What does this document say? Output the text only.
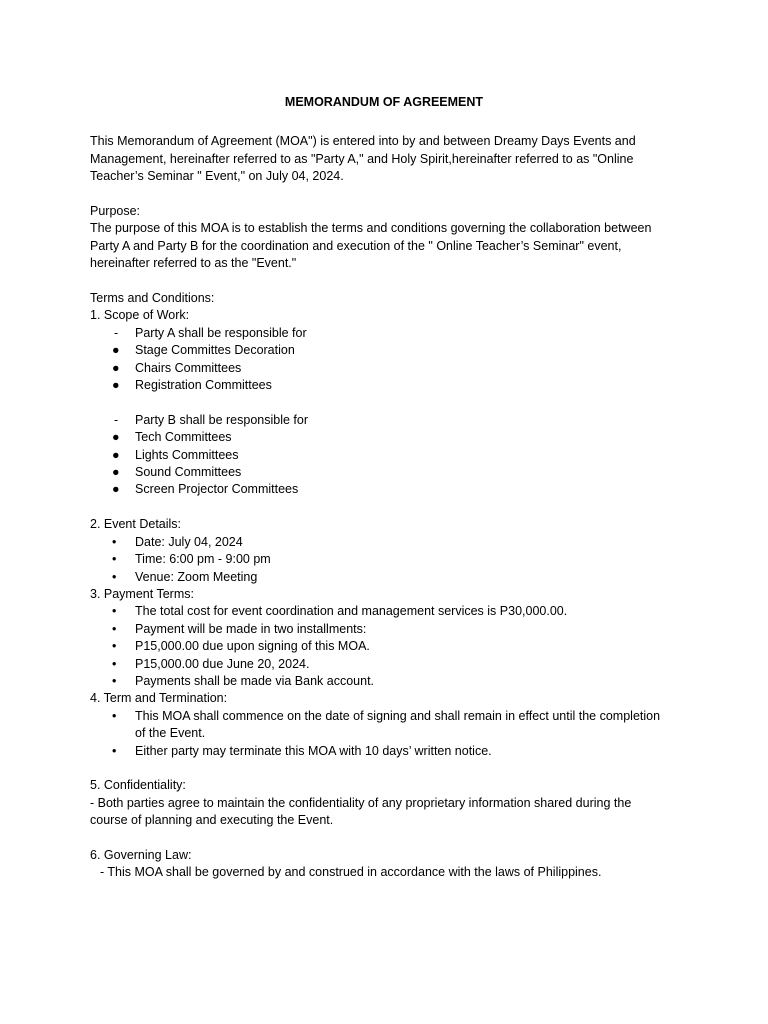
MEMORANDUM OF AGREEMENT

This Memorandum of Agreement (MOA") is entered into by and between Dreamy Days Events and

Management, hereinafter referred to as "Party A," and Holy Spirit,hereinafter referred to as "Online

Teacher’s Seminar " Event," on July 04, 2024.

Purpose:

The purpose of this MOA is to establish the terms and conditions governing the collaboration between

Party A and Party B for the coordination and execution of the " Online Teacher’s Seminar" event,

hereinafter referred to as the "Event."

Terms and Conditions:

1. Scope of Work:

- Party A shall be responsible for

● Stage Committes Decoration

● Chairs Committees

● Registration Committees

- Party B shall be responsible for

● Tech Committees

● Lights Committees

● Sound Committees

● Screen Projector Committees

2. Event Details:

• Date: July 04, 2024

• Time: 6:00 pm - 9:00 pm

• Venue: Zoom Meeting

3. Payment Terms:

• The total cost for event coordination and management services is P30,000.00.

• Payment will be made in two installments:

• P15,000.00 due upon signing of this MOA.

• P15,000.00 due June 20, 2024.

• Payments shall be made via Bank account.

4. Term and Termination:

• This MOA shall commence on the date of signing and shall remain in effect until the completion

of the Event.

• Either party may terminate this MOA with 10 days’ written notice.

5. Confidentiality:

- Both parties agree to maintain the confidentiality of any proprietary information shared during the

course of planning and executing the Event.

6. Governing Law:

- This MOA shall be governed by and construed in accordance with the laws of Philippines.
